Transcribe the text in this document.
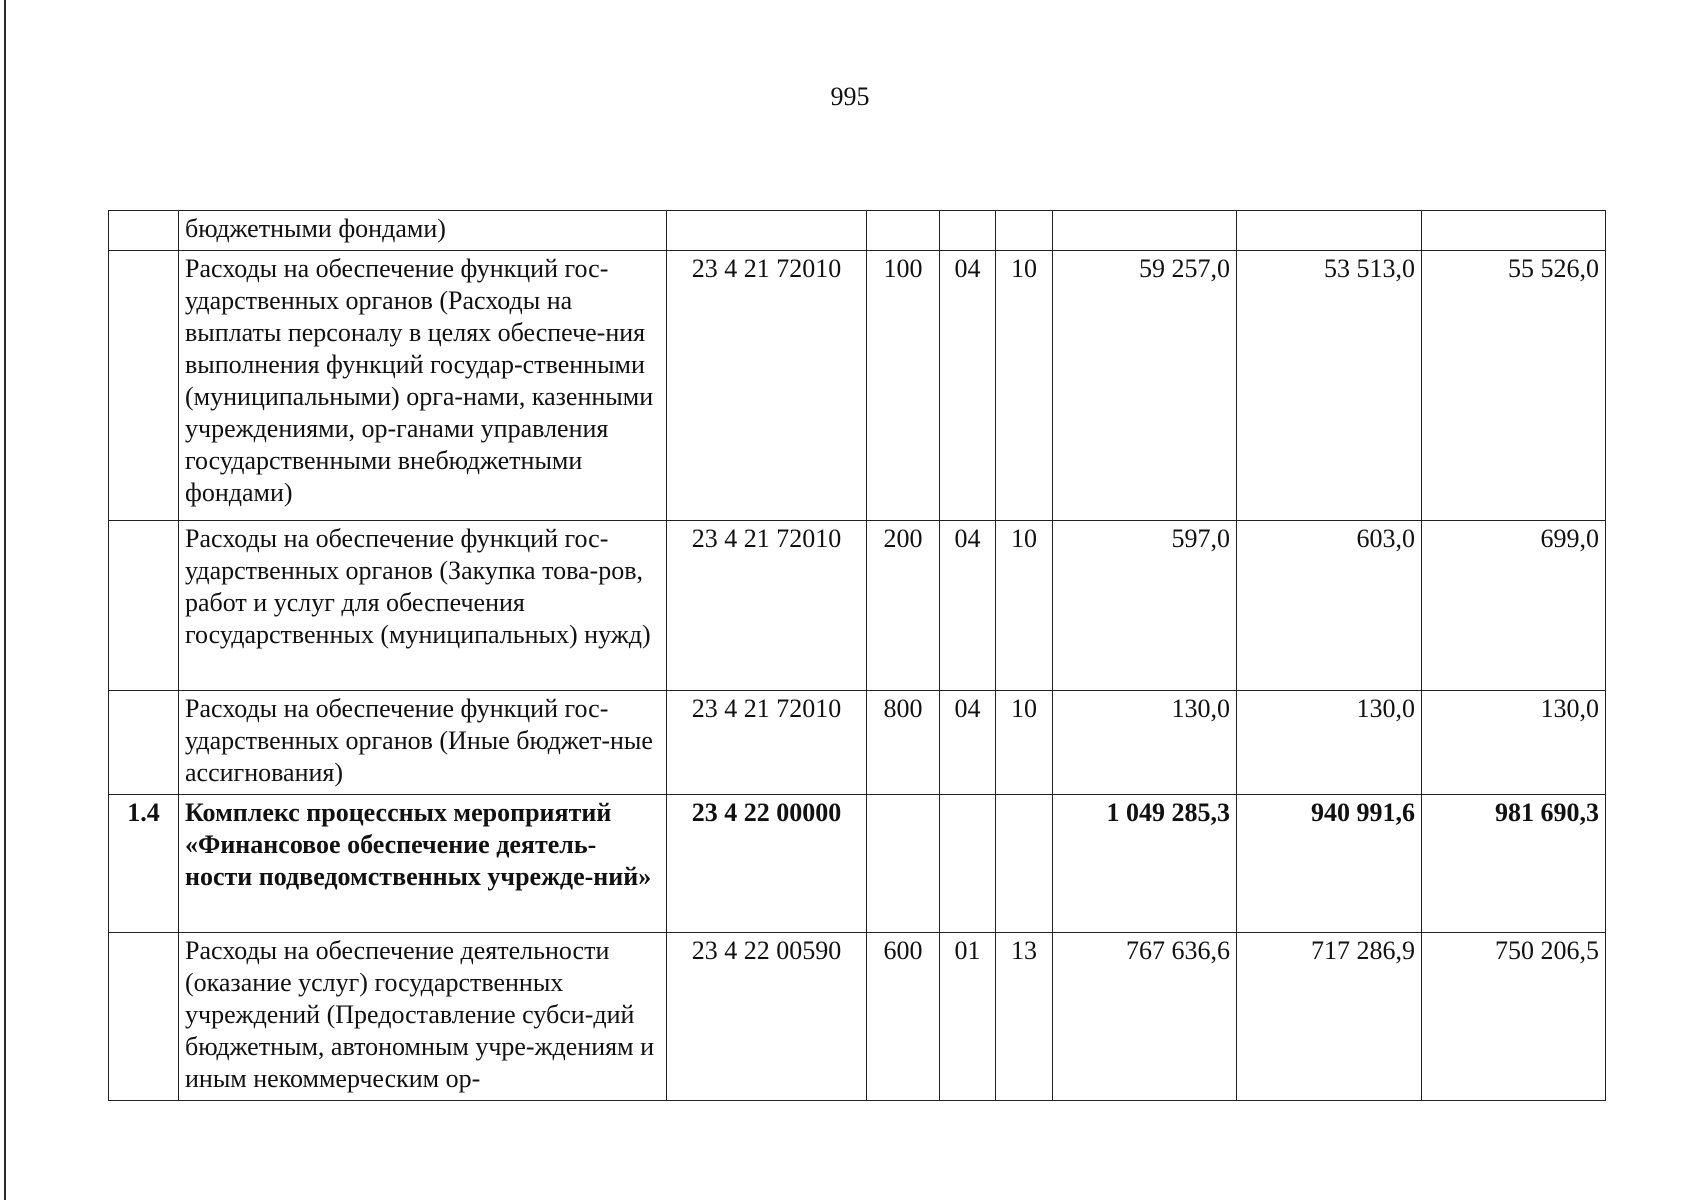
995
	бюджетными фондами)							
	Расходы на обеспечение функций гос-ударственных органов (Расходы на выплаты персоналу в целях обеспече-ния выполнения функций государ-ственными (муниципальными) орга-нами, казенными учреждениями, ор-ганами управления государственными внебюджетными фондами)	23 4 21 72010	100	04	10	59 257,0	53 513,0	55 526,0
	Расходы на обеспечение функций гос-ударственных органов (Закупка това-ров, работ и услуг для обеспечения государственных (муниципальных) нужд)	23 4 21 72010	200	04	10	597,0	603,0	699,0
	Расходы на обеспечение функций гос-ударственных органов (Иные бюджет-ные ассигнования)	23 4 21 72010	800	04	10	130,0	130,0	130,0
1.4	Комплекс процессных мероприятий «Финансовое обеспечение деятель-ности подведомственных учрежде-ний»	23 4 22 00000				1 049 285,3	940 991,6	981 690,3
	Расходы на обеспечение деятельности (оказание услуг) государственных учреждений (Предоставление субси-дий бюджетным, автономным учре-ждениям и иным некоммерческим ор-	23 4 22 00590	600	01	13	767 636,6	717 286,9	750 206,5
